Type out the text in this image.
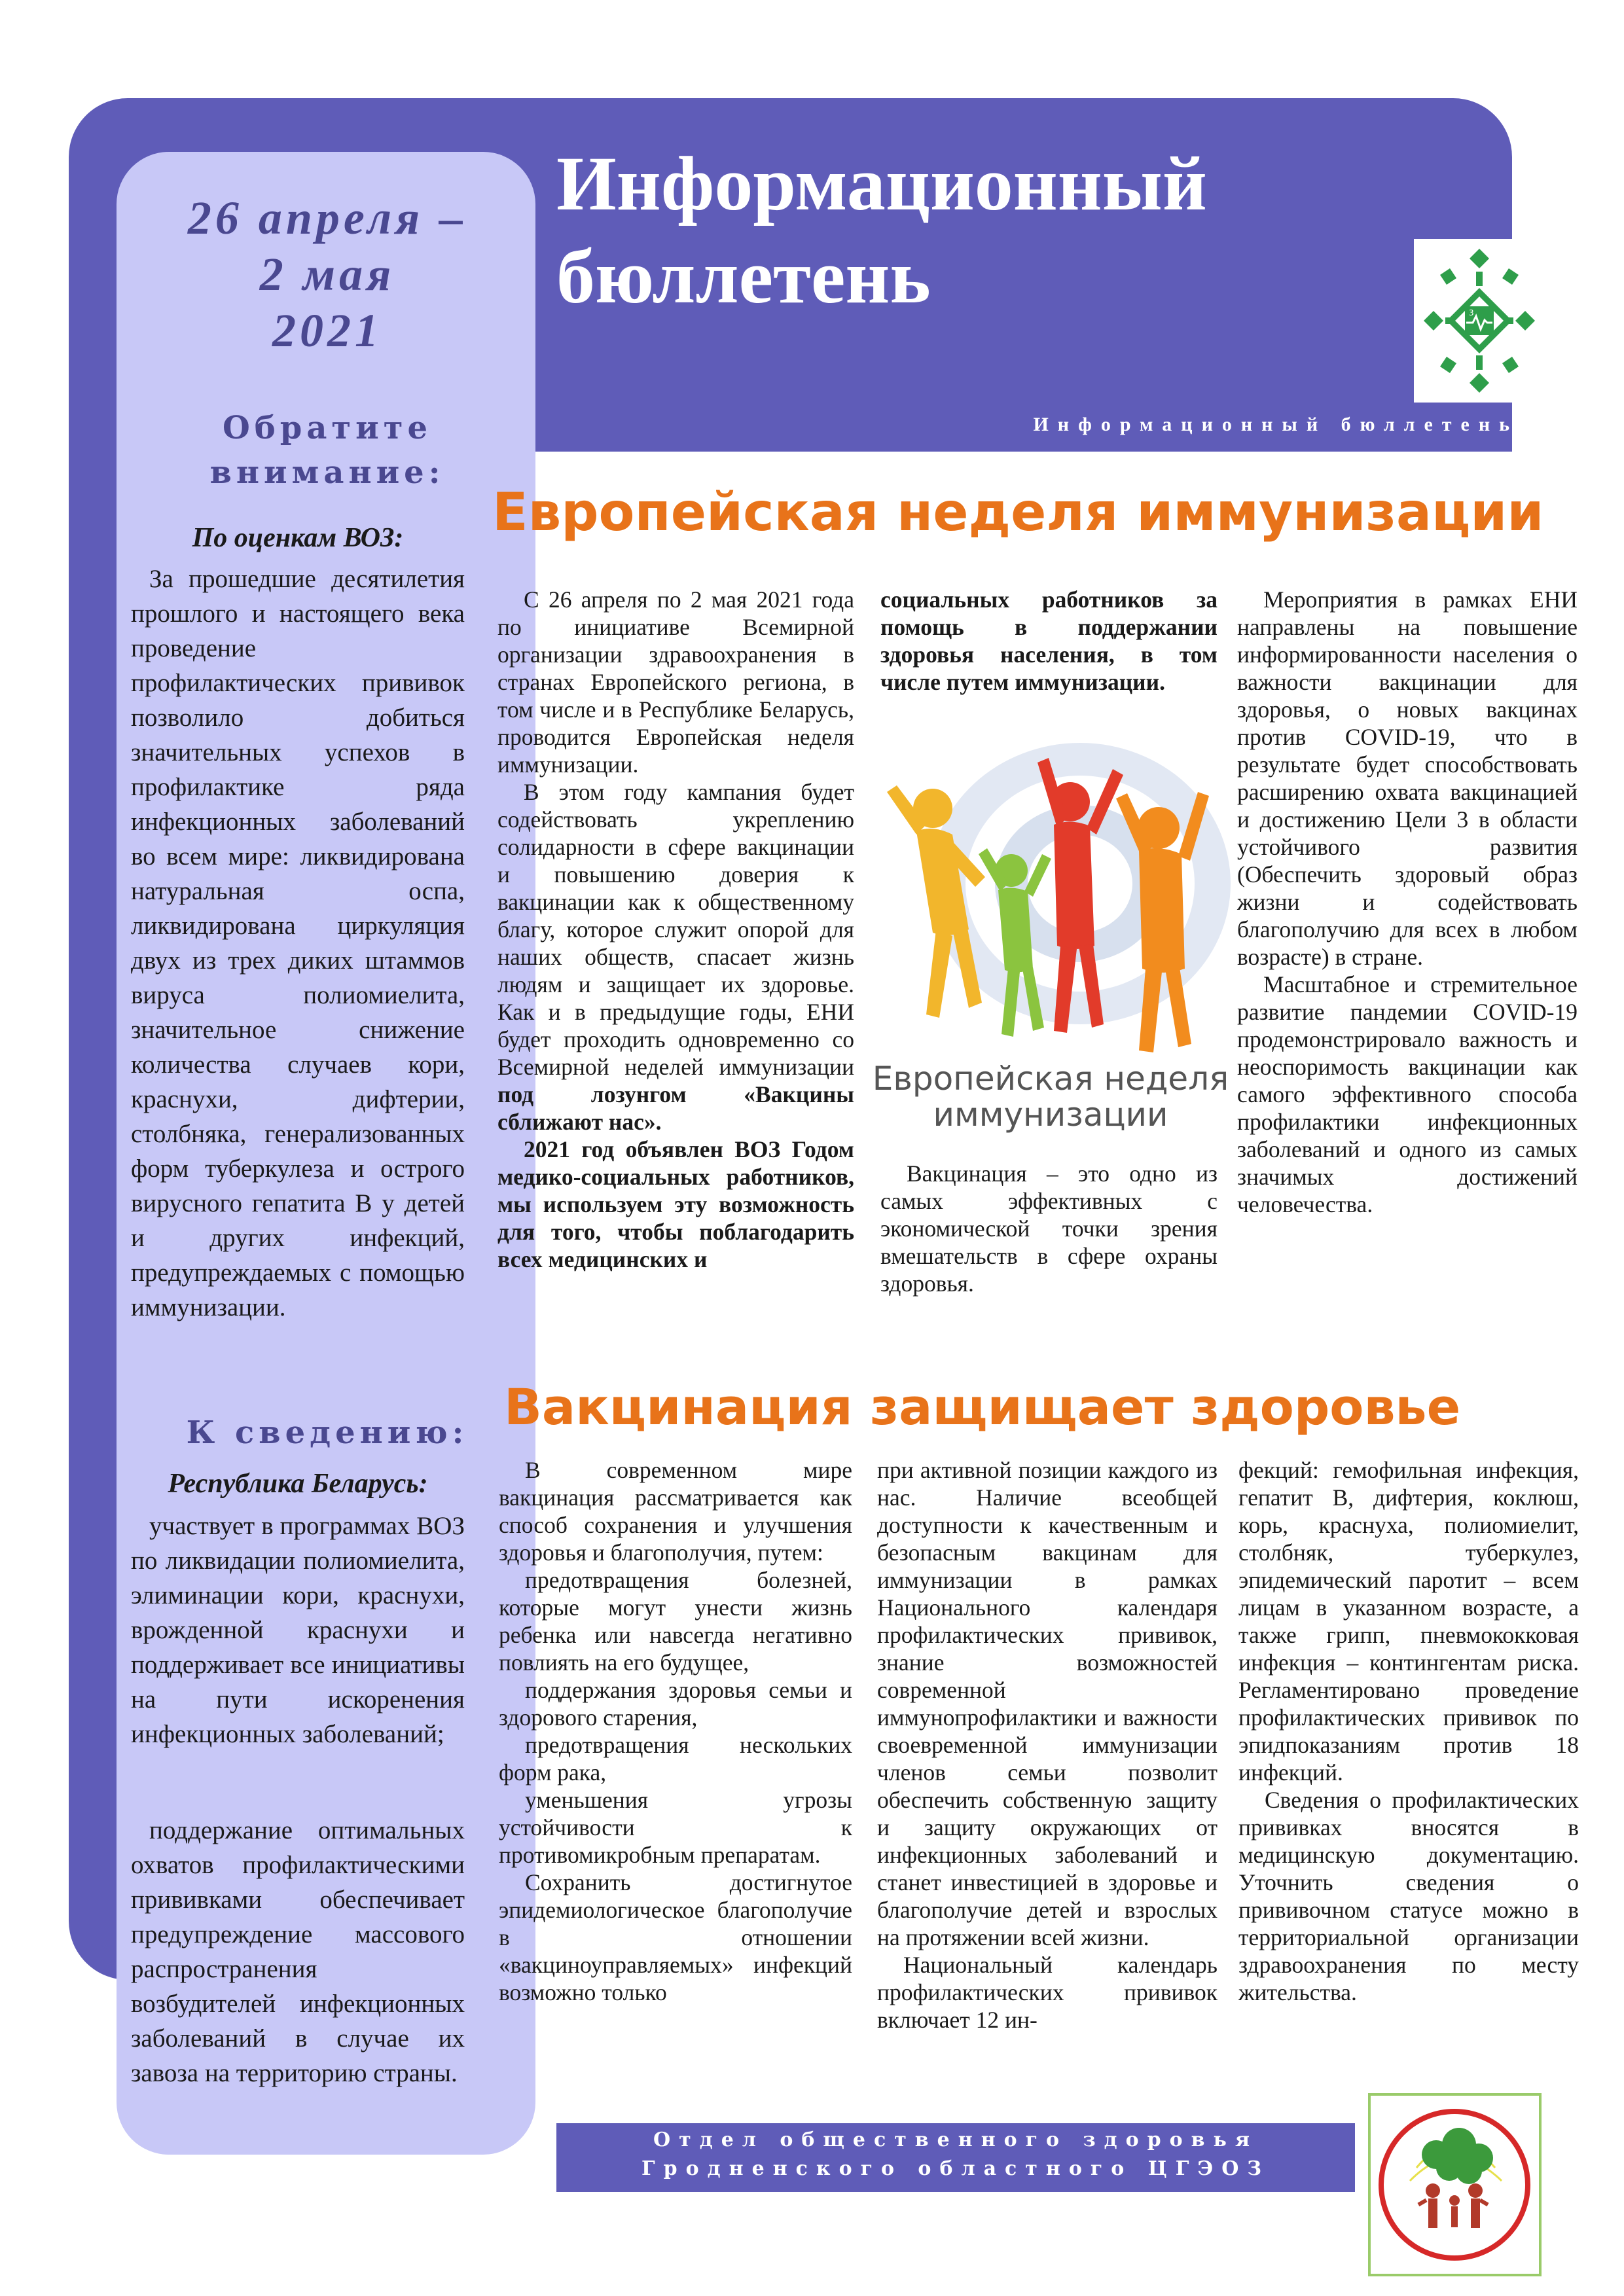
Информационный
бюллетень
Информационный бюллетень
3
26 апреля –
2 мая
2021
Обратите
внимание:
По оценкам ВОЗ:

За прошедшие десятилетия прошлого и настоящего века проведение профилактических прививок позволило добиться значительных успехов в профилактике ряда инфекционных заболеваний во всем мире: ликвидирована натуральная оспа, ликвидирована циркуляция двух из трех диких штаммов вируса полиомиелита, значительное снижение количества случаев кори, краснухи, дифтерии, столбняка, генерализованных форм туберкулеза и острого вирусного гепатита В у детей и других инфекций, предупреждаемых с помощью иммунизации.

К сведению:
Республика Беларусь:

участвует в программах ВОЗ по ликвидации полиомиелита, элиминации кори, краснухи, врожденной краснухи и поддерживает все инициативы на пути искоренения инфекционных заболеваний;

поддержание оптимальных охватов профилактическими прививками обеспечивает предупреждение массового распространения возбудителей инфекционных заболеваний в случае их завоза на территорию страны.

Европейская неделя иммунизации

С 26 апреля по 2 мая 2021 года по инициативе Всемирной организации здравоохранения в странах Европейского региона, в том числе и в Республике Беларусь, проводится Европейская неделя иммунизации.

В этом году кампания будет содействовать укреплению солидарности в сфере вакцинации и повышению доверия к вакцинации как к общественному благу, которое служит опорой для наших обществ, спасает жизнь людям и защищает их здоровье. Как и в предыдущие годы, ЕНИ будет проходить одновременно со Всемирной неделей иммунизации под лозунгом «Вакцины сближают нас».

2021 год объявлен ВОЗ Годом медико-социальных работников, мы используем эту возможность для того, чтобы поблагодарить всех медицинских и

социальных работников за помощь в поддержании здоровья населения, в том числе путем иммунизации.

Европейская неделя
иммунизации

Вакцинация – это одно из самых эффективных с экономической точки зрения вмешательств в сфере охраны здоровья.

Мероприятия в рамках ЕНИ направлены на повышение информированности населения о важности вакцинации для здоровья, о новых вакцинах против COVID-19, что в результате будет способствовать расширению охвата вакцинацией и достижению Цели 3 в области устойчивого развития (Обеспечить здоровый образ жизни и содействовать благополучию для всех в любом возрасте) в стране.

Масштабное и стремительное развитие пандемии COVID-19 продемонстрировало важность и неоспоримость вакцинации как самого эффективного способа профилактики инфекционных заболеваний и одного из самых значимых достижений человечества.

Вакцинация защищает здоровье

В современном мире вакцинация рассматривается как способ сохранения и улучшения здоровья и благополучия, путем:

предотвращения болезней, которые могут унести жизнь ребенка или навсегда негативно повлиять на его будущее,

поддержания здоровья семьи и здорового старения,

предотвращения нескольких форм рака,

уменьшения угрозы устойчивости к противомикробным препаратам.

Сохранить достигнутое эпидемиологическое благополучие в отношении «вакциноуправляемых» инфекций возможно только

при активной позиции каждого из нас. Наличие всеобщей доступности к качественным и безопасным вакцинам для иммунизации в рамках Национального календаря профилактических прививок, знание возможностей современной иммунопрофилактики и важности своевременной иммунизации членов семьи позволит обеспечить собственную защиту и защиту окружающих от инфекционных заболеваний и станет инвестицией в здоровье и благополучие детей и взрослых на протяжении всей жизни.

Национальный календарь профилактических прививок включает 12 ин-

фекций: гемофильная инфекция, гепатит В, дифтерия, коклюш, корь, краснуха, полиомиелит, столбняк, туберкулез, эпидемический паротит – всем лицам в указанном возрасте, а также грипп, пневмококковая инфекция – контингентам риска. Регламентировано проведение профилактических прививок по эпидпоказаниям против 18 инфекций.

Сведения о профилактических прививках вносятся в медицинскую документацию. Уточнить сведения о прививочном статусе можно в территориальной организации здравоохранения по месту жительства.

Отдел общественного здоровья
Гродненского областного ЦГЭОЗ
